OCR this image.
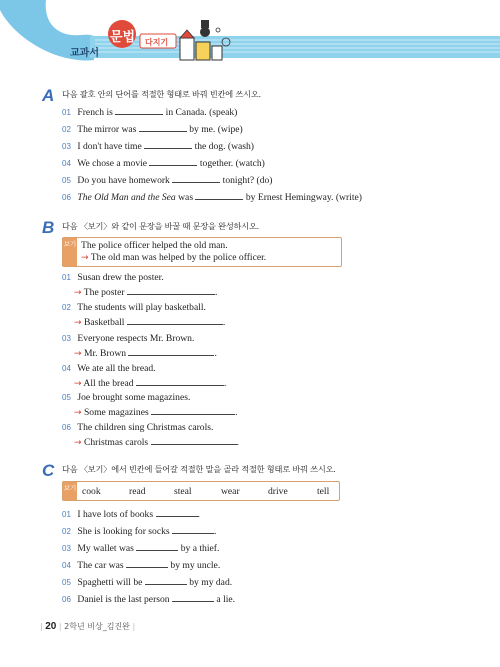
교과서
문법 다지기
A 다음 괄호 안의 단어를 적절한 형태로 바꿔 빈칸에 쓰시오.
01 French is	in Canada. (speak)
02 The mirror was	by me. (wipe)
03 I don't have time	the dog. (wash)
04 We chose a movie	together. (watch)
05 Do you have homework	tonight? (do)
06 The Old Man and the Sea was	by Ernest Hemingway. (write)
B 다음 〈보기〉와 같이 문장을 바꿀 때 문장을 완성하시오.
보기 The police officer helped the old man.
→ The old man was helped by the police officer.
01 Susan drew the poster.
→ The poster	.
02 The students will play basketball.
→ Basketball	.
03 Everyone respects Mr. Brown.
→ Mr. Brown	.
04 We ate all the bread.
→ All the bread	.
05 Joe brought some magazines.
→ Some magazines	.
06 The children sing Christmas carols.
→ Christmas carols	.
C 다음 〈보기〉에서 빈칸에 들어갈 적절한 말을 골라 적절한 형태로 바꿔 쓰시오.
보기 cook	read	steal	wear	drive	tell
01 I have lots of books	.
02 She is looking for socks	.
03 My wallet was	by a thief.
04 The car was	by my uncle.
05 Spaghetti will be	by my dad.
06 Daniel is the last person	a lie.
| 20 | 2학년 비상_김진완 |
